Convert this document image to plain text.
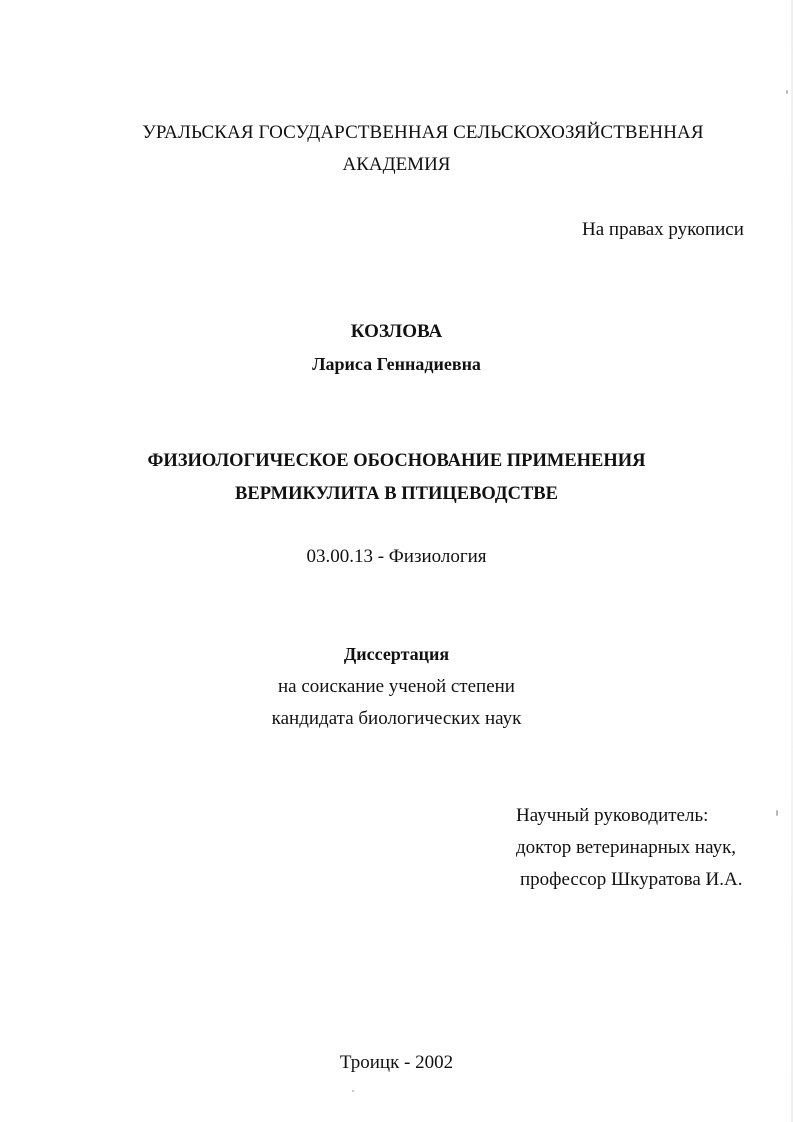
УРАЛЬСКАЯ ГОСУДАРСТВЕННАЯ СЕЛЬСКОХОЗЯЙСТВЕННАЯ
АКАДЕМИЯ
На правах рукописи
КОЗЛОВА
Лариса Геннадиевна
ФИЗИОЛОГИЧЕСКОЕ ОБОСНОВАНИЕ ПРИМЕНЕНИЯ
ВЕРМИКУЛИТА В ПТИЦЕВОДСТВЕ
03.00.13 - Физиология
Диссертация
на соискание ученой степени
кандидата биологических наук
Научный руководитель:
доктор ветеринарных наук,
профессор Шкуратова И.А.
Троицк - 2002
